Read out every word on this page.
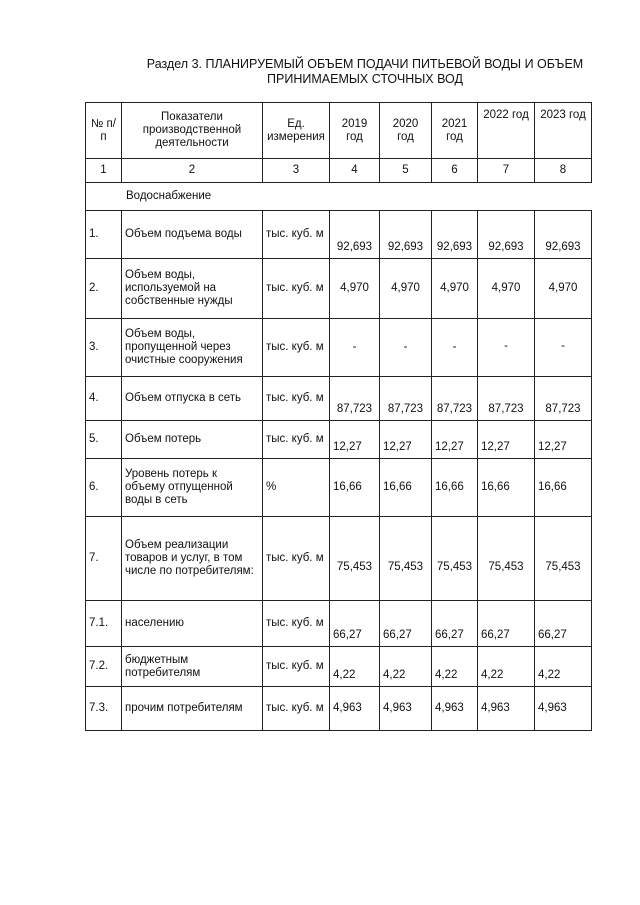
Раздел 3. ПЛАНИРУЕМЫЙ ОБЪЕМ ПОДАЧИ ПИТЬЕВОЙ ВОДЫ И ОБЪЕМ
ПРИНИМАЕМЫХ СТОЧНЫХ ВОД
№ п/п	Показатели производственной деятельности	Ед. измерения	2019 год	2020 год	2021 год	2022 год	2023 год
1	2	3	4	5	6	7	8
Водоснабжение							
1.	Объем подъема воды	тыс. куб. м	92,693	92,693	92,693	92,693	92,693
2.	Объем воды, используемой на собственные нужды	тыс. куб. м	4,970	4,970	4,970	4,970	4,970
3.	Объем воды, пропущенной через очистные сооружения	тыс. куб. м	-	-	-	-	-
4.	Объем отпуска в сеть	тыс. куб. м	87,723	87,723	87,723	87,723	87,723
5.	Объем потерь	тыс. куб. м	12,27	12,27	12,27	12,27	12,27
6.	Уровень потерь к объему отпущенной воды в сеть	%	16,66	16,66	16,66	16,66	16,66
7.	Объем реализации товаров и услуг, в том числе по потребителям:	тыс. куб. м	75,453	75,453	75,453	75,453	75,453
7.1.	населению	тыс. куб. м	66,27	66,27	66,27	66,27	66,27
7.2.	бюджетным потребителям	тыс. куб. м	4,22	4,22	4,22	4,22	4,22
7.3.	прочим потребителям	тыс. куб. м	4,963	4,963	4,963	4,963	4,963
